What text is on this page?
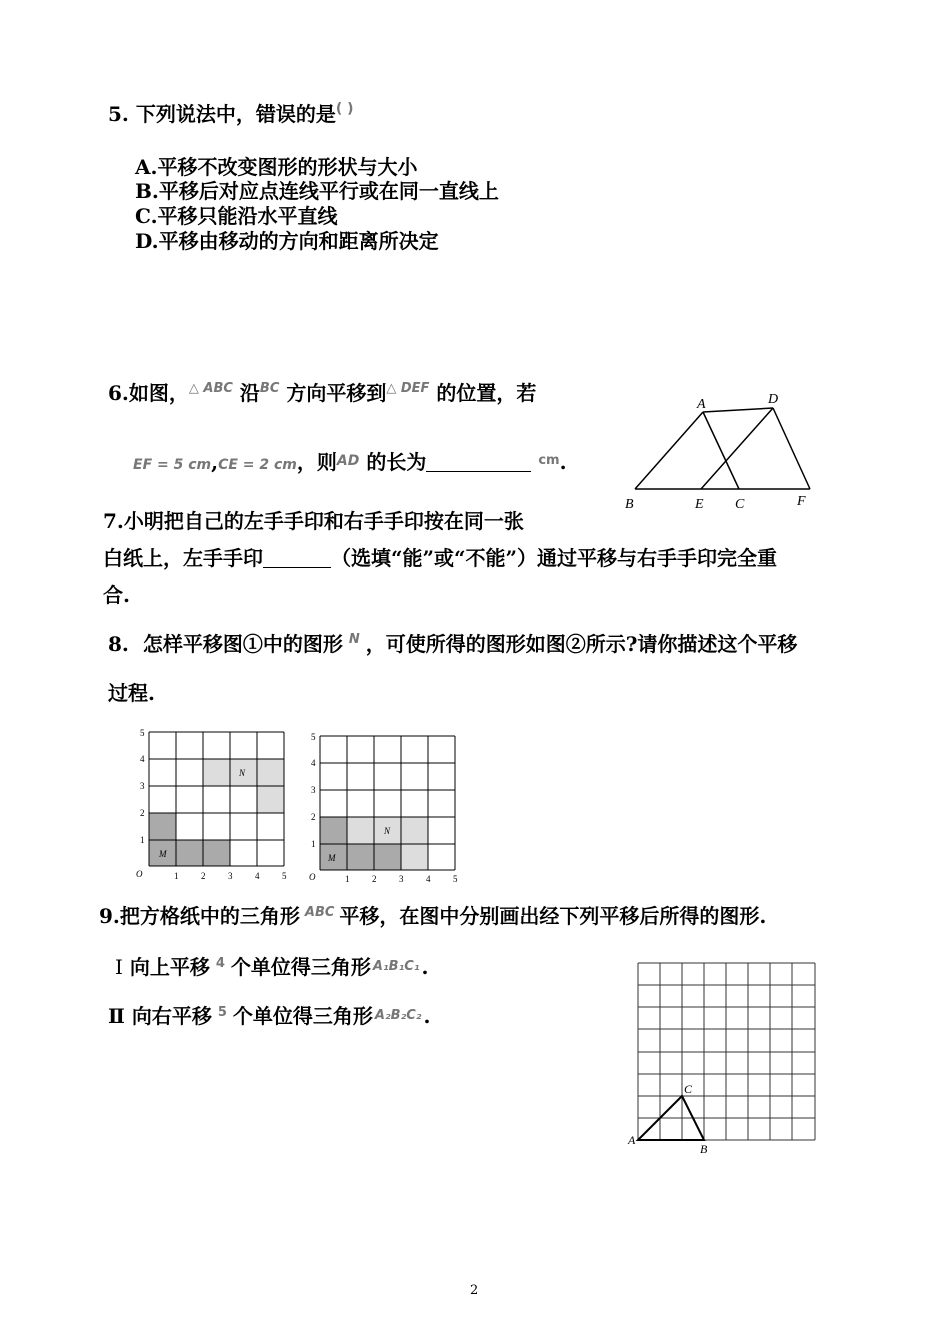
5. 下列说法中，错误的是( )
A.平移不改变图形的形状与大小
B.平移后对应点连线平行或在同一直线上
C.平移只能沿水平直线
D.平移由移动的方向和距离所决定
6.如图，$^{\triangle ABC}$ 沿$^{BC}$ 方向平移到$^{\triangle DEF}$ 的位置，若
EF = 5 cm,CE = 2 cm，则$^{AD}$ 的长为	$^{cm}$.
A	D
B	E C	F
7.小明把自己的左手手印和右手手印按在同一张
白纸上，左手手印	（选填“能”或“不能”）通过平移与右手手印完全重
合.
8. 怎样平移图①中的图形 $^N$ ，可使所得的图形如图②所示?请你描述这个平移
过程.
O	1	2	3	4	5
1
2
3
4
5
M
N
O	1	2	3	4	5
1
2
3
4
5
M
N
9.把方格纸中的三角形 $^{ABC}$ 平移，在图中分别画出经下列平移后所得的图形.
Ⅰ 向上平移 $^4$ 个单位得三角形 $^{A_1B_1C_1}$ .
Ⅱ 向右平移 $^5$ 个单位得三角形 $^{A_2B_2C_2}$ .
A
B
C
2
